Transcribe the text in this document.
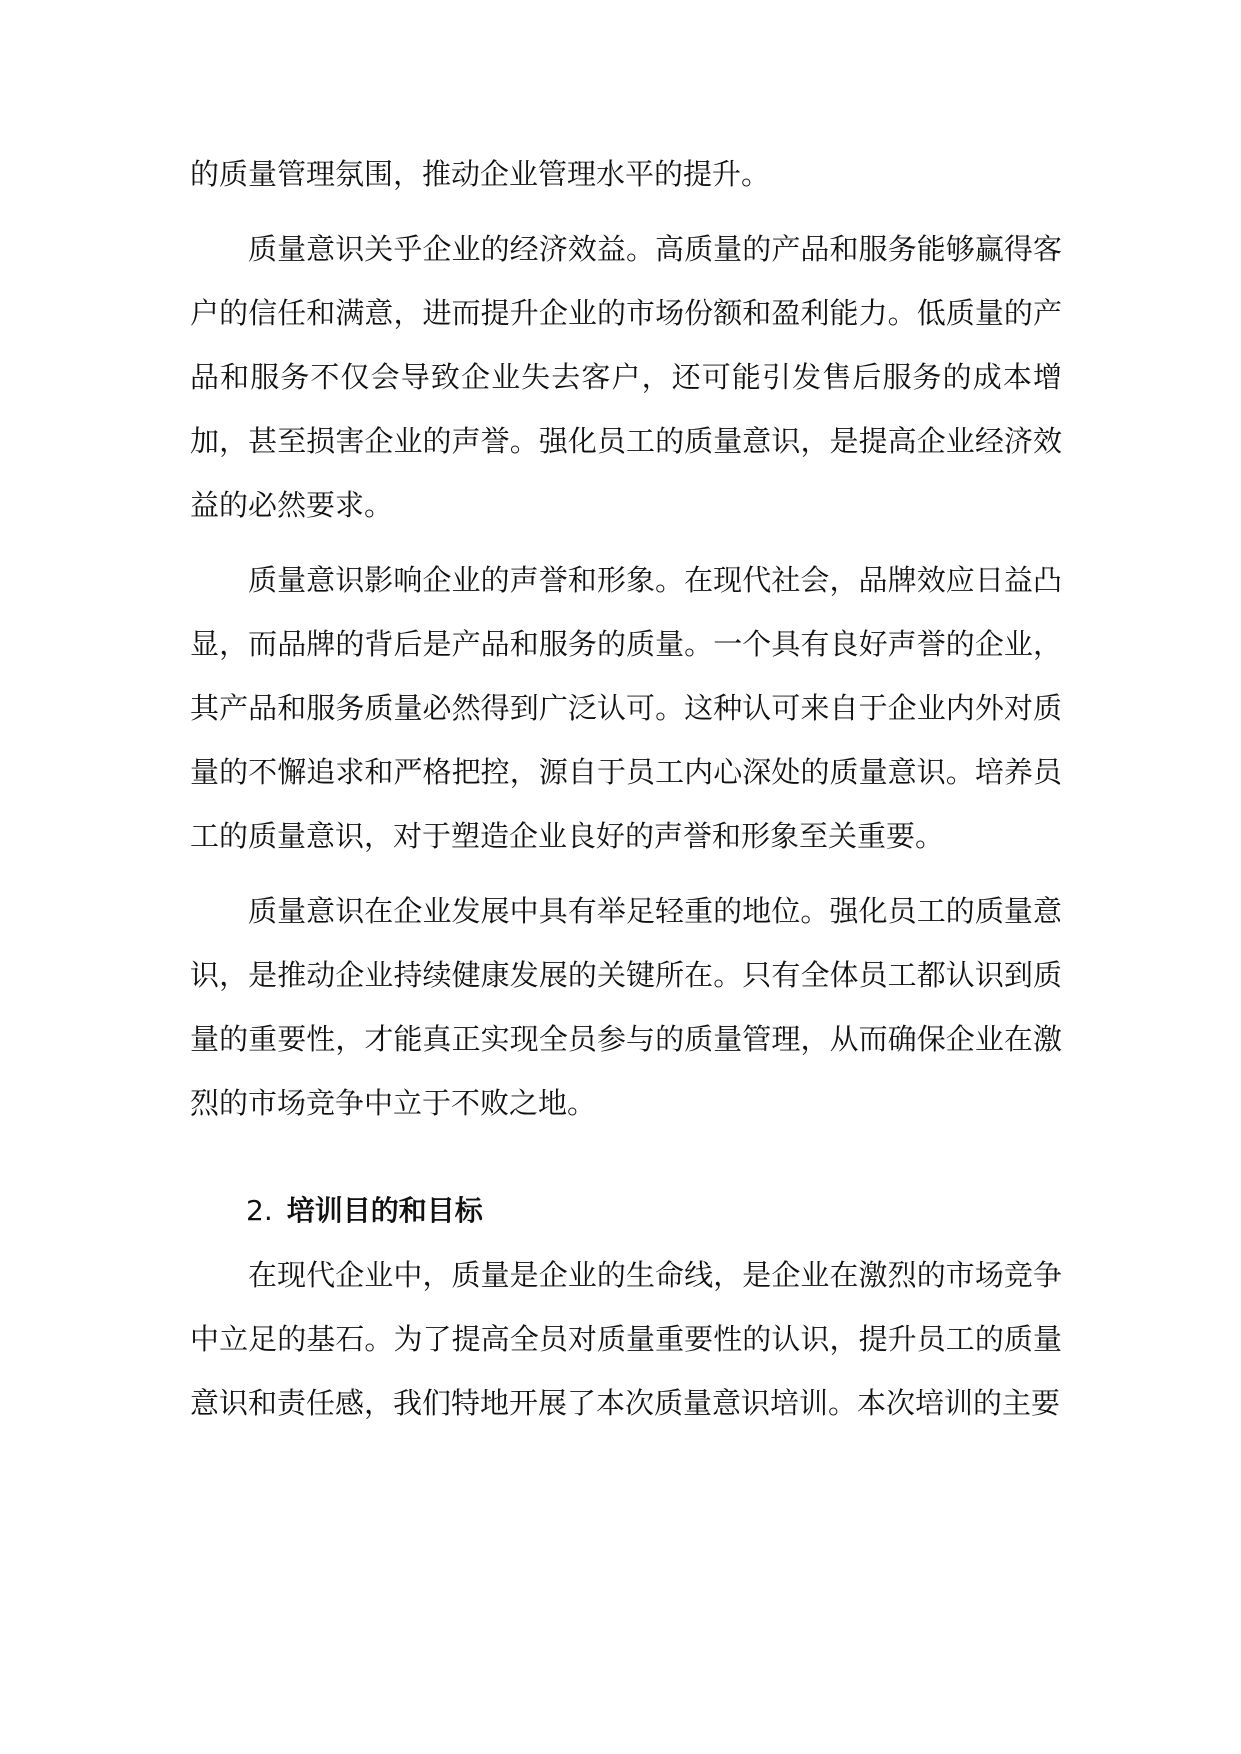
的质量管理氛围，推动企业管理水平的提升。

质量意识关乎企业的经济效益。高质量的产品和服务能够赢得客户的信任和满意，进而提升企业的市场份额和盈利能力。低质量的产品和服务不仅会导致企业失去客户，还可能引发售后服务的成本增加，甚至损害企业的声誉。强化员工的质量意识，是提高企业经济效益的必然要求。

质量意识影响企业的声誉和形象。在现代社会，品牌效应日益凸显，而品牌的背后是产品和服务的质量。一个具有良好声誉的企业，其产品和服务质量必然得到广泛认可。这种认可来自于企业内外对质量的不懈追求和严格把控，源自于员工内心深处的质量意识。培养员工的质量意识，对于塑造企业良好的声誉和形象至关重要。

质量意识在企业发展中具有举足轻重的地位。强化员工的质量意识，是推动企业持续健康发展的关键所在。只有全体员工都认识到质量的重要性，才能真正实现全员参与的质量管理，从而确保企业在激烈的市场竞争中立于不败之地。

2. 培训目的和目标

在现代企业中，质量是企业的生命线，是企业在激烈的市场竞争中立足的基石。为了提高全员对质量重要性的认识，提升员工的质量意识和责任感，我们特地开展了本次质量意识培训。本次培训的主要
